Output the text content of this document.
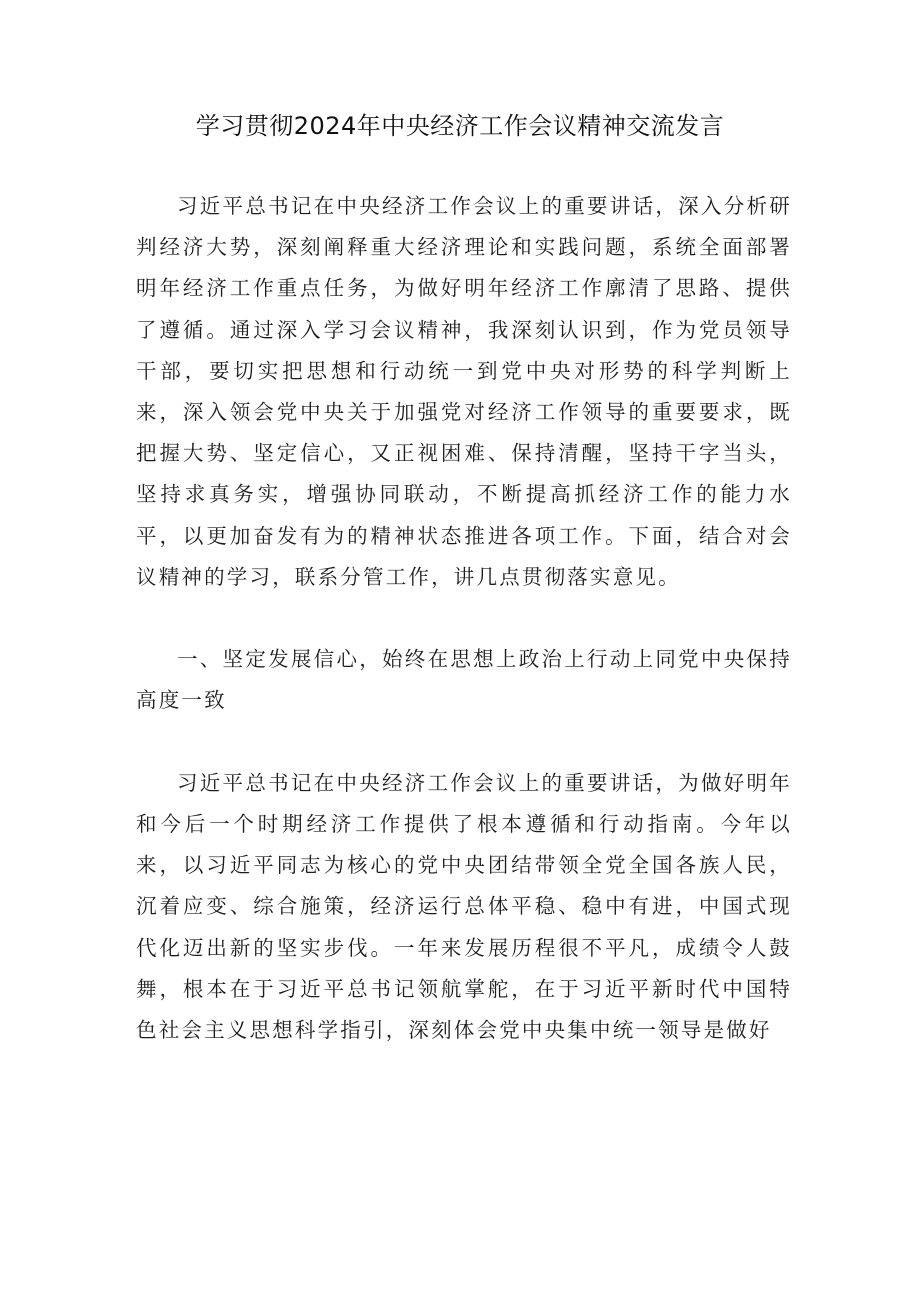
学习贯彻2024年中央经济工作会议精神交流发言

习近平总书记在中央经济工作会议上的重要讲话，深入分析研判经济大势，深刻阐释重大经济理论和实践问题，系统全面部署明年经济工作重点任务，为做好明年经济工作廓清了思路、提供了遵循。通过深入学习会议精神，我深刻认识到，作为党员领导干部，要切实把思想和行动统一到党中央对形势的科学判断上来，深入领会党中央关于加强党对经济工作领导的重要要求，既把握大势、坚定信心，又正视困难、保持清醒，坚持干字当头，坚持求真务实，增强协同联动，不断提高抓经济工作的能力水平，以更加奋发有为的精神状态推进各项工作。下面，结合对会议精神的学习，联系分管工作，讲几点贯彻落实意见。

一、坚定发展信心，始终在思想上政治上行动上同党中央保持高度一致

习近平总书记在中央经济工作会议上的重要讲话，为做好明年和今后一个时期经济工作提供了根本遵循和行动指南。今年以来，以习近平同志为核心的党中央团结带领全党全国各族人民，沉着应变、综合施策，经济运行总体平稳、稳中有进，中国式现代化迈出新的坚实步伐。一年来发展历程很不平凡，成绩令人鼓舞，根本在于习近平总书记领航掌舵，在于习近平新时代中国特色社会主义思想科学指引，深刻体会党中央集中统一领导是做好
